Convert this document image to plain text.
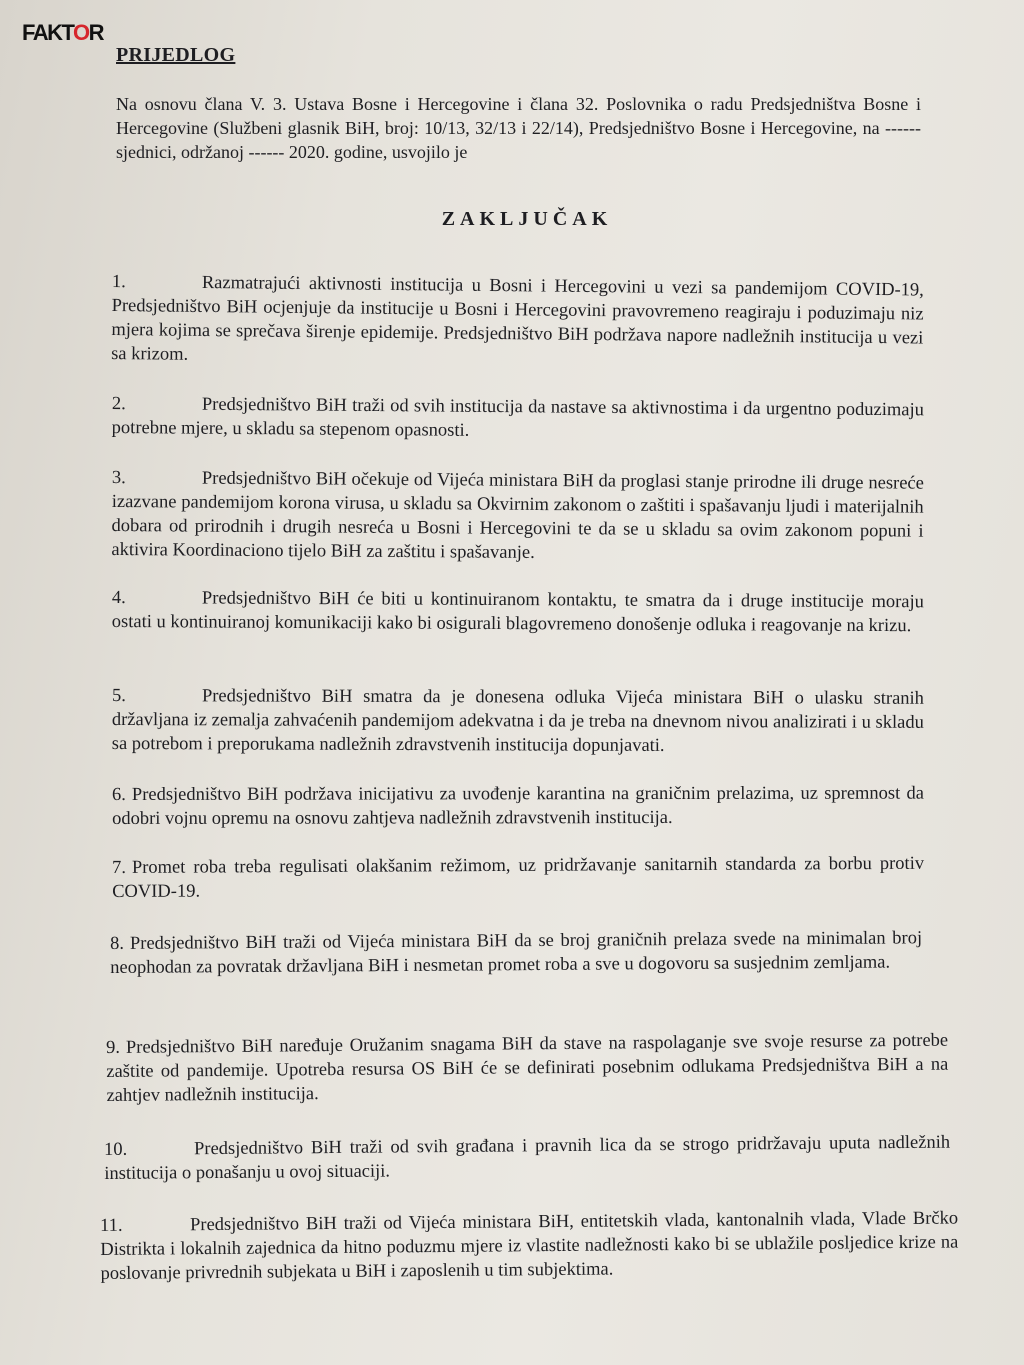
FAKTOR
PRIJEDLOG
Na osnovu člana V. 3. Ustava Bosne i Hercegovine i člana 32. Poslovnika o radu Predsjedništva Bosne i Hercegovine (Službeni glasnik BiH, broj: 10/13, 32/13 i 22/14), Predsjedništvo Bosne i Hercegovine, na ------ sjednici, održanoj ------ 2020. godine, usvojilo je
ZAKLJUČAK
1.	Razmatrajući aktivnosti institucija u Bosni i Hercegovini u vezi sa pandemijom COVID-19, Predsjedništvo BiH ocjenjuje da institucije u Bosni i Hercegovini pravovremeno reagiraju i poduzimaju niz mjera kojima se sprečava širenje epidemije. Predsjedništvo BiH podržava napore nadležnih institucija u vezi sa krizom.
2.	Predsjedništvo BiH traži od svih institucija da nastave sa aktivnostima i da urgentno poduzimaju potrebne mjere, u skladu sa stepenom opasnosti.
3.	Predsjedništvo BiH očekuje od Vijeća ministara BiH da proglasi stanje prirodne ili druge nesreće izazvane pandemijom korona virusa, u skladu sa Okvirnim zakonom o zaštiti i spašavanju ljudi i materijalnih dobara od prirodnih i drugih nesreća u Bosni i Hercegovini te da se u skladu sa ovim zakonom popuni i aktivira Koordinaciono tijelo BiH za zaštitu i spašavanje.
4.	Predsjedništvo BiH će biti u kontinuiranom kontaktu, te smatra da i druge institucije moraju ostati u kontinuiranoj komunikaciji kako bi osigurali blagovremeno donošenje odluka i reagovanje na krizu.
5.	Predsjedništvo BiH smatra da je donesena odluka Vijeća ministara BiH o ulasku stranih državljana iz zemalja zahvaćenih pandemijom adekvatna i da je treba na dnevnom nivou analizirati i u skladu sa potrebom i preporukama nadležnih zdravstvenih institucija dopunjavati.
6. Predsjedništvo BiH podržava inicijativu za uvođenje karantina na graničnim prelazima, uz spremnost da odobri vojnu opremu na osnovu zahtjeva nadležnih zdravstvenih institucija.
7. Promet roba treba regulisati olakšanim režimom, uz pridržavanje sanitarnih standarda za borbu protiv COVID-19.
8. Predsjedništvo BiH traži od Vijeća ministara BiH da se broj graničnih prelaza svede na minimalan broj neophodan za povratak državljana BiH i nesmetan promet roba a sve u dogovoru sa susjednim zemljama.
9. Predsjedništvo BiH naređuje Oružanim snagama BiH da stave na raspolaganje sve svoje resurse za potrebe zaštite od pandemije. Upotreba resursa OS BiH će se definirati posebnim odlukama Predsjedništva BiH a na zahtjev nadležnih institucija.
10.	Predsjedništvo BiH traži od svih građana i pravnih lica da se strogo pridržavaju uputa nadležnih institucija o ponašanju u ovoj situaciji.
11.	Predsjedništvo BiH traži od Vijeća ministara BiH, entitetskih vlada, kantonalnih vlada, Vlade Brčko Distrikta i lokalnih zajednica da hitno poduzmu mjere iz vlastite nadležnosti kako bi se ublažile posljedice krize na poslovanje privrednih subjekata u BiH i zaposlenih u tim subjektima.
